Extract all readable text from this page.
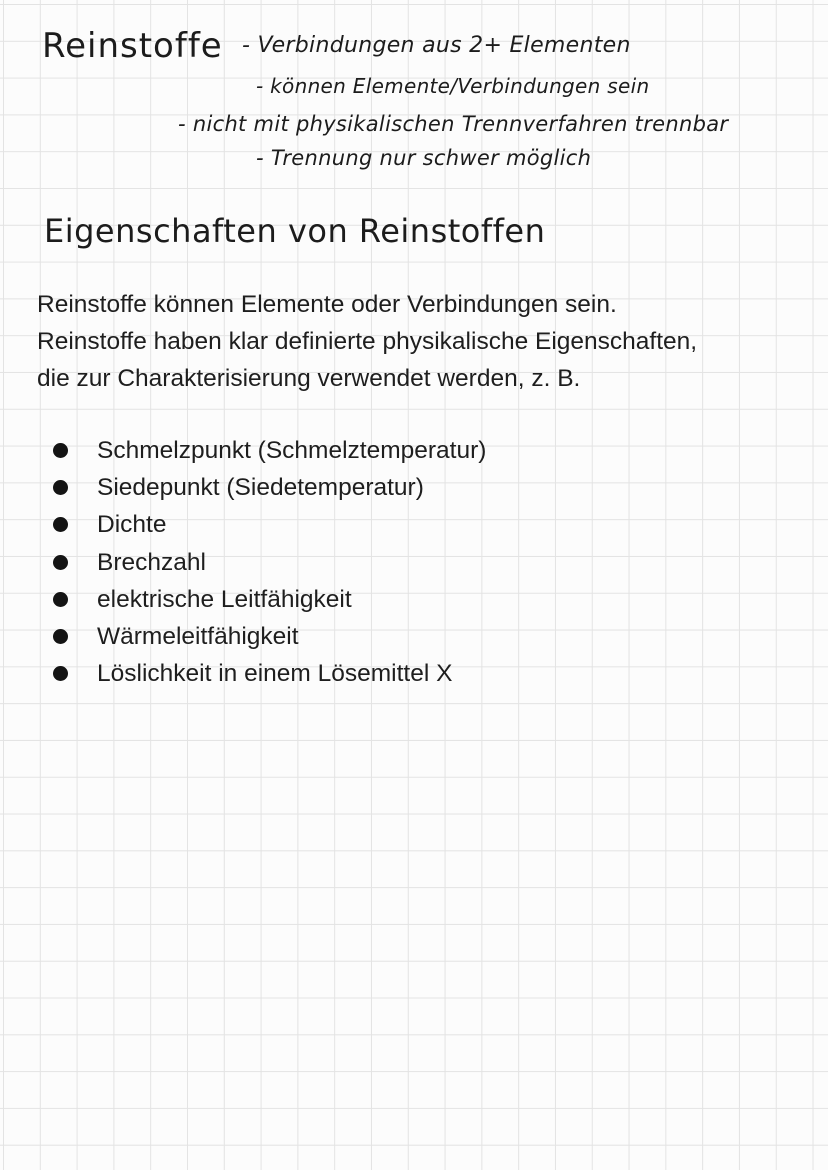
Reinstoffe - Verbindungen aus 2+ Elementen
- können Elemente/Verbindungen sein
- nicht mit physikalischen Trennverfahren trennbar
- Trennung nur schwer möglich
Eigenschaften von Reinstoffen
Reinstoffe können Elemente oder Verbindungen sein.
Reinstoffe haben klar definierte physikalische Eigenschaften,
die zur Charakterisierung verwendet werden, z. B.
Schmelzpunkt (Schmelztemperatur)
Siedepunkt (Siedetemperatur)
Dichte
Brechzahl
elektrische Leitfähigkeit
Wärmeleitfähigkeit
Löslichkeit in einem Lösemittel X
